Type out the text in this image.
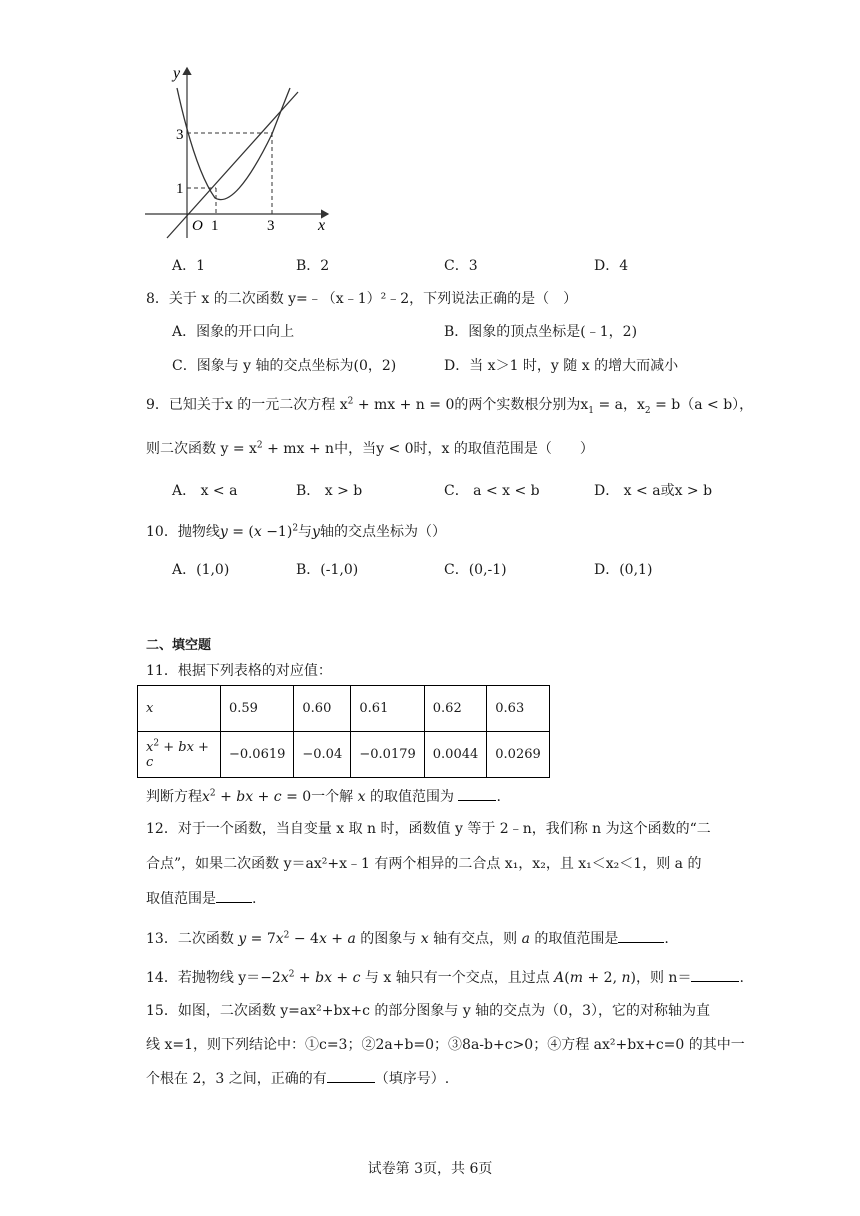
y
x
O 1	3
1
3
A．1	B．2	C．3	D．4
8．关于 x 的二次函数 y=﹣（x﹣1）²﹣2，下列说法正确的是（　）
A．图象的开口向上	B．图象的顶点坐标是(﹣1，2)
C．图象与 y 轴的交点坐标为(0，2)	D．当 x＞1 时，y 随 x 的增大而减小
9．已知关于x 的一元二次方程 $x^2$ + mx + n = 0的两个实数根分别为$x_1 = a$，$x_2 = b(a < b)$，
则二次函数 $y = x^2$ + mx + n中，当y < 0时，x 的取值范围是（　　）
A． x < a	B． x > b	C． a < x < b	D． x < a或x > b
10．抛物线$y = (x -1)^2$与y轴的交点坐标为（）
A．(1,0)	B．(-1,0)	C．(0,-1)	D．(0,1)
二、填空题
11．根据下列表格的对应值：
x	0.59	0.60	0.61	0.62	0.63
$x^2$ + bx + c	−0.0619	−0.04	−0.0179	0.0044	0.0269
判断方程$x^2$ + bx + c = 0一个解 x 的取值范围为	.
12．对于一个函数，当自变量 x 取 n 时，函数值 y 等于 2﹣n，我们称 n 为这个函数的“二
合点”，如果二次函数 y＝ax²+x﹣1 有两个相异的二合点 x₁，x₂，且 x₁＜x₂＜1，则 a 的
取值范围是	.
13．二次函数 $y = 7x^2 - 4x + a$ 的图象与 x 轴有交点，则 a 的取值范围是	.
14．若抛物线 $y=-2x^2$ + bx + c 与 x 轴只有一个交点，且过点 A(m + 2, n)，则 n＝	.
15．如图，二次函数 y=ax²+bx+c 的部分图象与 y 轴的交点为（0，3），它的对称轴为直
线 x=1，则下列结论中：①c=3；②2a+b=0；③8a-b+c>0；④方程 ax²+bx+c=0 的其中一
个根在 2，3 之间，正确的有	（填序号）.
试卷第 3页，共 6页
